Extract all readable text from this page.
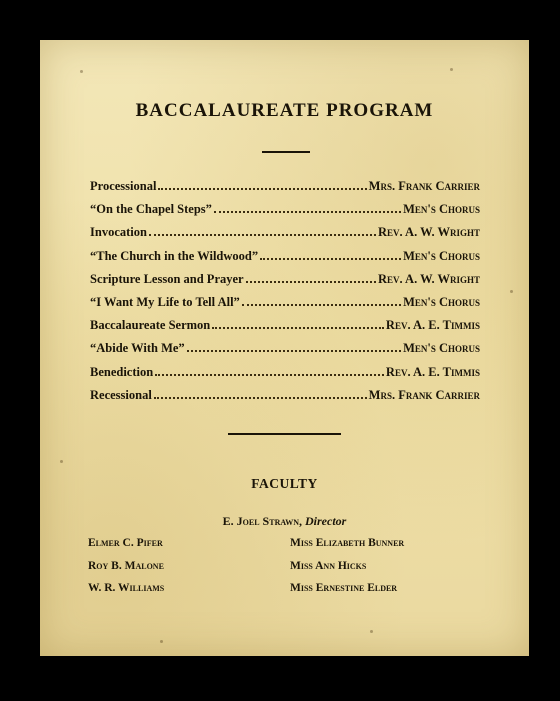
BACCALAUREATE PROGRAM
Processional	Mrs. Frank Carrier
“On the Chapel Steps”	Men's Chorus
Invocation	Rev. A. W. Wright
“The Church in the Wildwood”	Men's Chorus
Scripture Lesson and Prayer	Rev. A. W. Wright
“I Want My Life to Tell All”	Men's Chorus
Baccalaureate Sermon	Rev. A. E. Timmis
“Abide With Me”	Men's Chorus
Benediction	Rev. A. E. Timmis
Recessional	Mrs. Frank Carrier
FACULTY
E. Joel Strawn, Director
Elmer C. Pifer
Roy B. Malone
W. R. Williams
Miss Elizabeth Bunner
Miss Ann Hicks
Miss Ernestine Elder
